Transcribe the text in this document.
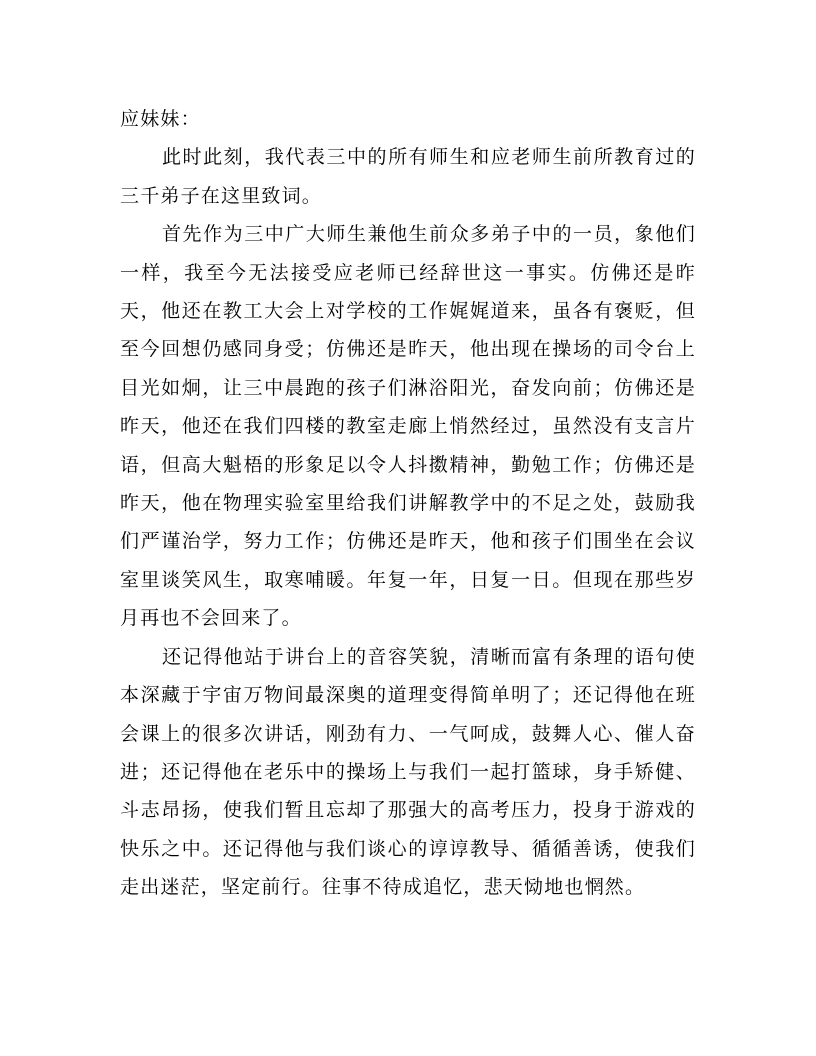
应妹妹：

此时此刻，我代表三中的所有师生和应老师生前所教育过的三千弟子在这里致词。

首先作为三中广大师生兼他生前众多弟子中的一员，象他们一样，我至今无法接受应老师已经辞世这一事实。仿佛还是昨天，他还在教工大会上对学校的工作娓娓道来，虽各有褒贬，但至今回想仍感同身受；仿佛还是昨天，他出现在操场的司令台上目光如炯，让三中晨跑的孩子们淋浴阳光，奋发向前；仿佛还是昨天，他还在我们四楼的教室走廊上悄然经过，虽然没有支言片语，但高大魁梧的形象足以令人抖擞精神，勤勉工作；仿佛还是昨天，他在物理实验室里给我们讲解教学中的不足之处，鼓励我们严谨治学，努力工作；仿佛还是昨天，他和孩子们围坐在会议室里谈笑风生，取寒哺暖。年复一年，日复一日。但现在那些岁月再也不会回来了。

还记得他站于讲台上的音容笑貌，清晰而富有条理的语句使本深藏于宇宙万物间最深奥的道理变得简单明了；还记得他在班会课上的很多次讲话，刚劲有力、一气呵成，鼓舞人心、催人奋进；还记得他在老乐中的操场上与我们一起打篮球，身手矫健、斗志昂扬，使我们暂且忘却了那强大的高考压力，投身于游戏的快乐之中。还记得他与我们谈心的谆谆教导、循循善诱，使我们走出迷茫，坚定前行。往事不待成追忆，悲天恸地也惘然。
